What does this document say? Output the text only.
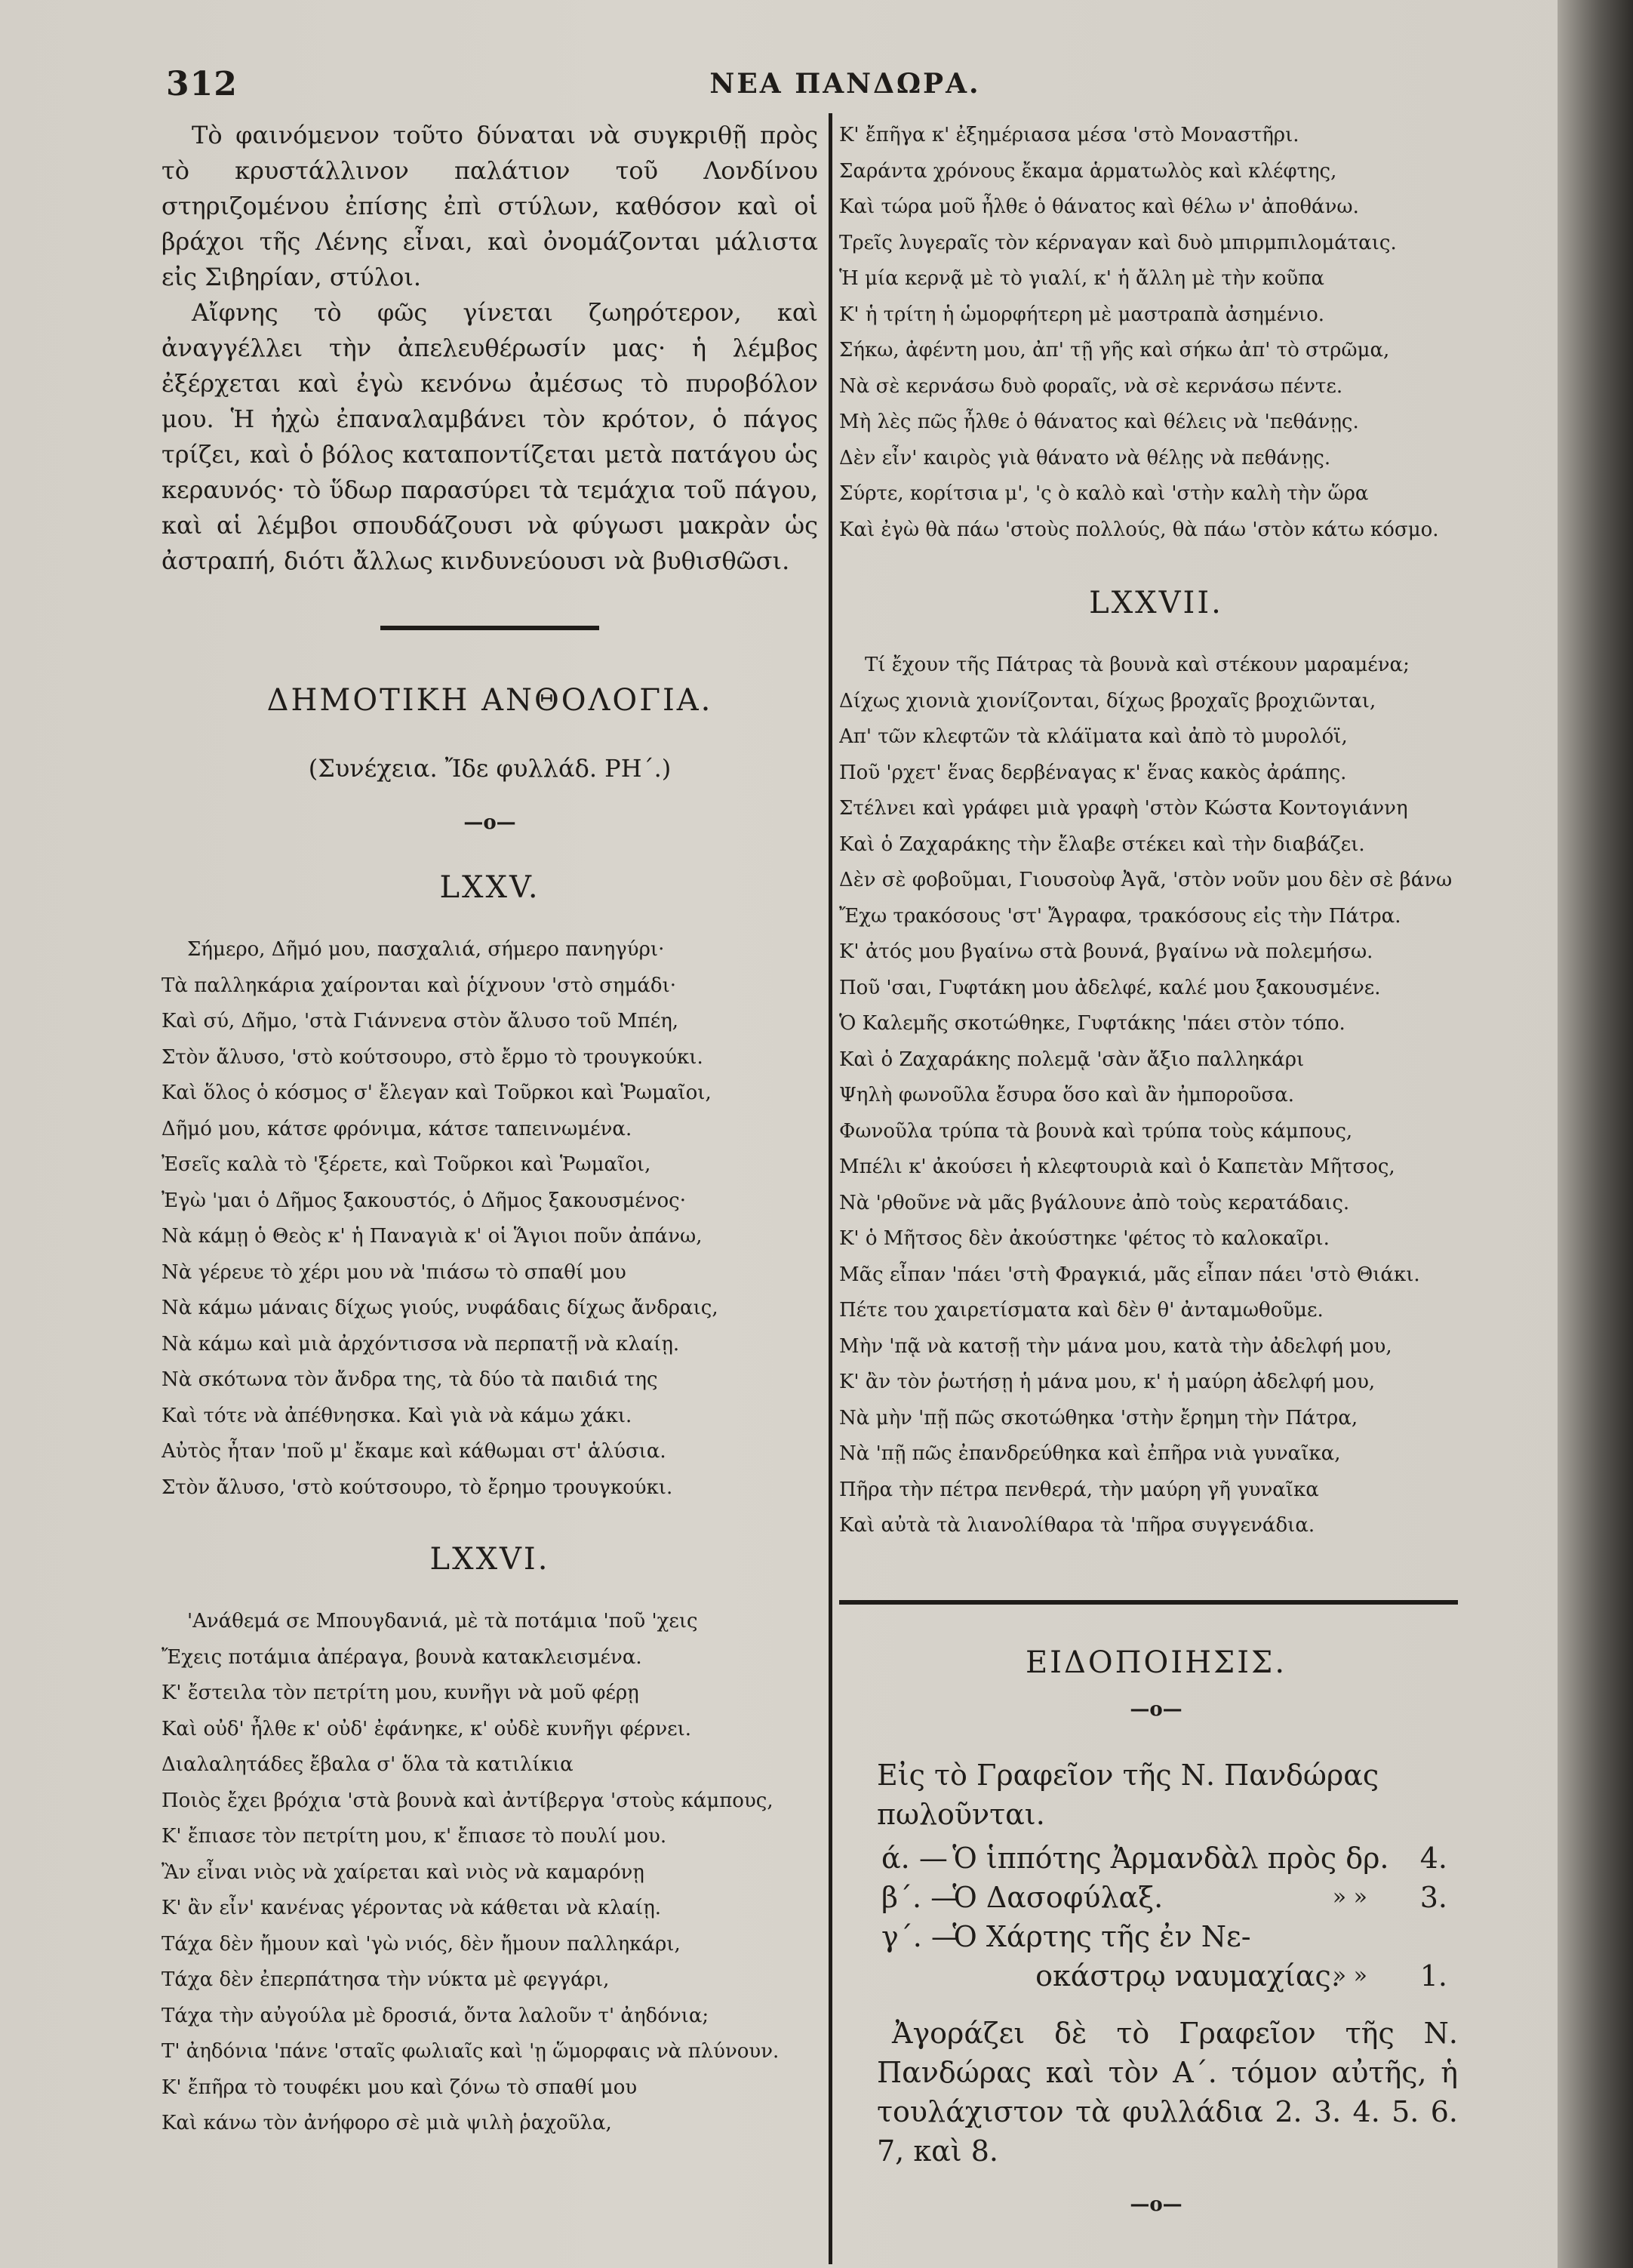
312	ΝΕΑ ΠΑΝΔΩΡΑ.

Τὸ φαινόμενον τοῦτο δύναται νὰ συγκριθῇ πρὸς τὸ κρυστάλλινον παλάτιον τοῦ Λονδίνου στηριζομένου ἐπίσης ἐπὶ στύλων, καθόσον καὶ οἱ βράχοι τῆς Λένης εἶναι, καὶ ὀνομάζονται μάλιστα εἰς Σιβηρίαν, στύλοι.

Αἴφνης τὸ φῶς γίνεται ζωηρότερον, καὶ ἀναγγέλλει τὴν ἀπελευθέρωσίν μας· ἡ λέμβος ἐξέρχεται καὶ ἐγὼ κενόνω ἀμέσως τὸ πυροβόλον μου. Ἡ ἠχὼ ἐπαναλαμβάνει τὸν κρότον, ὁ πάγος τρίζει, καὶ ὁ βόλος καταποντίζεται μετὰ πατάγου ὡς κεραυνός· τὸ ὕδωρ παρασύρει τὰ τεμάχια τοῦ πάγου, καὶ αἱ λέμβοι σπουδάζουσι νὰ φύγωσι μακρὰν ὡς ἀστραπή, διότι ἄλλως κινδυνεύουσι νὰ βυθισθῶσι.

ΔΗΜΟΤΙΚΗ ΑΝΘΟΛΟΓΙΑ.
(Συνέχεια. Ἴδε φυλλάδ. ΡΗ΄.)
—o—
LXXV.
Σήμερο, Δῆμό μου, πασχαλιά, σήμερο πανηγύρι·
Τὰ παλληκάρια χαίρονται καὶ ῥίχνουν 'στὸ σημάδι·
Καὶ σύ, Δῆμο, 'στὰ Γιάννενα στὸν ἄλυσο τοῦ Μπέη,
Στὸν ἄλυσο, 'στὸ κούτσουρο, στὸ ἔρμο τὸ τρουγκούκι.
Καὶ ὅλος ὁ κόσμος σ' ἔλεγαν καὶ Τοῦρκοι καὶ Ῥωμαῖοι,
Δῆμό μου, κάτσε φρόνιμα, κάτσε ταπεινωμένα.
Ἐσεῖς καλὰ τὸ 'ξέρετε, καὶ Τοῦρκοι καὶ Ῥωμαῖοι,
Ἐγὼ 'μαι ὁ Δῆμος ξακουστός, ὁ Δῆμος ξακουσμένος·
Νὰ κάμῃ ὁ Θεὸς κ' ἡ Παναγιὰ κ' οἱ Ἅγιοι ποῦν ἀπάνω,
Νὰ γέρευε τὸ χέρι μου νὰ 'πιάσω τὸ σπαθί μου
Νὰ κάμω μάναις δίχως γιούς, νυφάδαις δίχως ἄνδραις,
Νὰ κάμω καὶ μιὰ ἀρχόντισσα νὰ περπατῇ νὰ κλαίῃ.
Νὰ σκότωνα τὸν ἄνδρα της, τὰ δύο τὰ παιδιά της
Καὶ τότε νὰ ἀπέθνησκα. Καὶ γιὰ νὰ κάμω χάκι.
Αὐτὸς ἦταν 'ποῦ μ' ἔκαμε καὶ κάθωμαι στ' ἁλύσια.
Στὸν ἄλυσο, 'στὸ κούτσουρο, τὸ ἔρημο τρουγκούκι.
LXXVI.
'Ανάθεμά σε Μπουγδανιά, μὲ τὰ ποτάμια 'ποῦ 'χεις
Ἔχεις ποτάμια ἀπέραγα, βουνὰ κατακλεισμένα.
Κ' ἔστειλα τὸν πετρίτη μου, κυνῆγι νὰ μοῦ φέρῃ
Καὶ οὐδ' ἦλθε κ' οὐδ' ἐφάνηκε, κ' οὐδὲ κυνῆγι φέρνει.
Διαλαλητάδες ἔβαλα σ' ὅλα τὰ κατιλίκια
Ποιὸς ἔχει βρόχια 'στὰ βουνὰ καὶ ἀντίβεργα 'στοὺς κάμπους,
Κ' ἔπιασε τὸν πετρίτη μου, κ' ἔπιασε τὸ πουλί μου.
Ἂν εἶναι νιὸς νὰ χαίρεται καὶ νιὸς νὰ καμαρόνῃ
Κ' ἂν εἶν' κανένας γέροντας νὰ κάθεται νὰ κλαίῃ.
Τάχα δὲν ἤμουν καὶ 'γὼ νιός, δὲν ἤμουν παλληκάρι,
Τάχα δὲν ἐπερπάτησα τὴν νύκτα μὲ φεγγάρι,
Τάχα τὴν αὐγούλα μὲ δροσιά, ὄντα λαλοῦν τ' ἀηδόνια;
Τ' ἀηδόνια 'πάνε 'σταῖς φωλιαῖς καὶ 'ῃ ὥμορφαις νὰ πλύνουν.
Κ' ἔπῆρα τὸ τουφέκι μου καὶ ζόνω τὸ σπαθί μου
Καὶ κάνω τὸν ἀνήφορο σὲ μιὰ ψιλὴ ῥαχοῦλα,
Κ' ἔπῆγα κ' ἐξημέριασα μέσα 'στὸ Μοναστῆρι.
Σαράντα χρόνους ἔκαμα ἁρματωλὸς καὶ κλέφτης,
Καὶ τώρα μοῦ ἦλθε ὁ θάνατος καὶ θέλω ν' ἀποθάνω.
Τρεῖς λυγεραῖς τὸν κέρναγαν καὶ δυὸ μπιρμπιλομάταις.
Ἡ μία κερνᾷ μὲ τὸ γιαλί, κ' ἡ ἄλλη μὲ τὴν κοῦπα
Κ' ἡ τρίτη ἡ ὡμορφήτερη μὲ μαστραπὰ ἀσημένιο.
Σήκω, ἀφέντη μου, ἀπ' τῇ γῆς καὶ σήκω ἀπ' τὸ στρῶμα,
Νὰ σὲ κερνάσω δυὸ φοραῖς, νὰ σὲ κερνάσω πέντε.
Μὴ λὲς πῶς ἦλθε ὁ θάνατος καὶ θέλεις νὰ 'πεθάνῃς.
Δὲν εἶν' καιρὸς γιὰ θάνατο νὰ θέλῃς νὰ πεθάνῃς.
Σύρτε, κορίτσια μ', 'ς ὸ καλὸ καὶ 'στὴν καλὴ τὴν ὥρα
Καὶ ἐγὼ θὰ πάω 'στοὺς πολλούς, θὰ πάω 'στὸν κάτω κόσμο.
LXXVII.
Τί ἔχουν τῆς Πάτρας τὰ βουνὰ καὶ στέκουν μαραμένα;
Δίχως χιονιὰ χιονίζονται, δίχως βροχαῖς βροχιῶνται,
Απ' τῶν κλεφτῶν τὰ κλάϊματα καὶ ἀπὸ τὸ μυρολόϊ,
Ποῦ 'ρχετ' ἕνας δερβέναγας κ' ἕνας κακὸς ἀράπης.
Στέλνει καὶ γράφει μιὰ γραφὴ 'στὸν Κώστα Κοντογιάννη
Καὶ ὁ Ζαχαράκης τὴν ἔλαβε στέκει καὶ τὴν διαβάζει.
Δὲν σὲ φοβοῦμαι, Γιουσοὺφ Ἀγᾶ, 'στὸν νοῦν μου δὲν σὲ βάνω
Ἔχω τρακόσους 'στ' Ἄγραφα, τρακόσους εἰς τὴν Πάτρα.
Κ' ἀτός μου βγαίνω στὰ βουνά, βγαίνω νὰ πολεμήσω.
Ποῦ 'σαι, Γυφτάκη μου ἀδελφέ, καλέ μου ξακουσμένε.
Ὁ Καλεμῆς σκοτώθηκε, Γυφτάκης 'πάει στὸν τόπο.
Καὶ ὁ Ζαχαράκης πολεμᾷ 'σὰν ἄξιο παλληκάρι
Ψηλὴ φωνοῦλα ἔσυρα ὅσο καὶ ἂν ἠμποροῦσα.
Φωνοῦλα τρύπα τὰ βουνὰ καὶ τρύπα τοὺς κάμπους,
Μπέλι κ' ἀκούσει ἡ κλεφτουριὰ καὶ ὁ Καπετὰν Μῆτσος,
Νὰ 'ρθοῦνε νὰ μᾶς βγάλουνε ἀπὸ τοὺς κερατάδαις.
Κ' ὁ Μῆτσος δὲν ἀκούστηκε 'φέτος τὸ καλοκαῖρι.
Μᾶς εἶπαν 'πάει 'στὴ Φραγκιά, μᾶς εἶπαν πάει 'στὸ Θιάκι.
Πέτε του χαιρετίσματα καὶ δὲν θ' ἀνταμωθοῦμε.
Μὴν 'πᾷ νὰ κατσῇ τὴν μάνα μου, κατὰ τὴν ἀδελφή μου,
Κ' ἂν τὸν ῥωτήσῃ ἡ μάνα μου, κ' ἡ μαύρη ἀδελφή μου,
Νὰ μὴν 'πῇ πῶς σκοτώθηκα 'στὴν ἔρημη τὴν Πάτρα,
Νὰ 'πῇ πῶς ἐπανδρεύθηκα καὶ ἐπῆρα νιὰ γυναῖκα,
Πῆρα τὴν πέτρα πενθερά, τὴν μαύρη γῆ γυναῖκα
Καὶ αὐτὰ τὰ λιανολίθαρα τὰ 'πῆρα συγγενάδια.
ΕΙΔΟΠΟΙΗΣΙΣ.
—o—
Εἰς τὸ Γραφεῖον τῆς Ν. Πανδώρας πωλοῦνται.
ά. — Ὁ ἱππότης Ἀρμανδὰλ πρὸς δρ. 4.
β΄. — Ὁ Δασοφύλαξ.	» » 3.
γ΄. — Ὁ Χάρτης τῆς ἐν Νε-
οκάστρῳ ναυμαχίας.
» » 1.
Ἀγοράζει δὲ τὸ Γραφεῖον τῆς Ν. Πανδώρας καὶ τὸν Α΄. τόμον αὐτῆς, ἡ τουλάχιστον τὰ φυλλάδια 2. 3. 4. 5. 6. 7, καὶ 8.
—o—
